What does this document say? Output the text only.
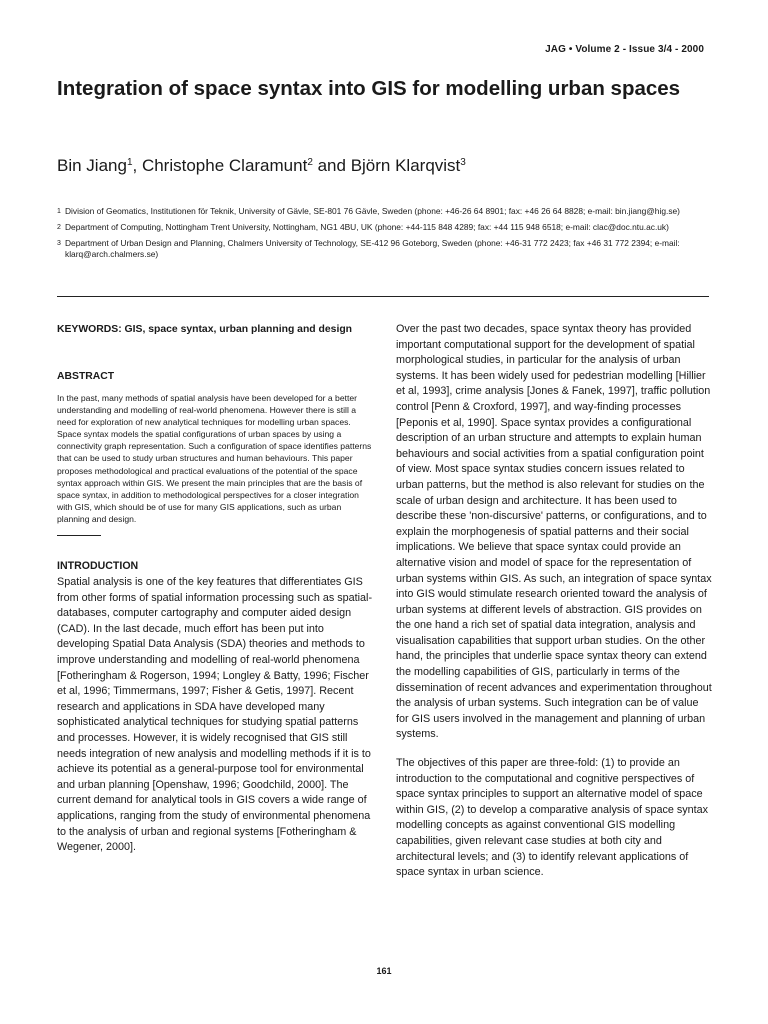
JAG • Volume 2 - Issue 3/4 - 2000
Integration of space syntax into GIS for modelling urban spaces
Bin Jiang$^1$, Christophe Claramunt$^2$ and Björn Klarqvist$^3$
1 Division of Geomatics, Institutionen för Teknik, University of Gävle, SE-801 76 Gävle, Sweden (phone: +46-26 64 8901; fax: +46 26 64 8828; e-mail: bin.jiang@hig.se)
2 Department of Computing, Nottingham Trent University, Nottingham, NG1 4BU, UK (phone: +44-115 848 4289; fax: +44 115 948 6518; e-mail: clac@doc.ntu.ac.uk)
3 Department of Urban Design and Planning, Chalmers University of Technology, SE-412 96 Goteborg, Sweden (phone: +46-31 772 2423; fax +46 31 772 2394; e-mail: klarq@arch.chalmers.se)

KEYWORDS: GIS, space syntax, urban planning and design

ABSTRACT

In the past, many methods of spatial analysis have been developed for a better understanding and modelling of real-world phenomena. However there is still a need for exploration of new analytical techniques for modelling urban spaces. Space syntax models the spatial configurations of urban spaces by using a connectivity graph representation. Such a configuration of space identifies patterns that can be used to study urban structures and human behaviours. This paper proposes methodological and practical evaluations of the potential of the space syntax approach within GIS. We present the main principles that are the basis of space syntax, in addition to methodological perspectives for a closer integration with GIS, which should be of use for many GIS applications, such as urban planning and design.

INTRODUCTION

Spatial analysis is one of the key features that differentiates GIS from other forms of spatial information processing such as spatial-databases, computer cartography and computer aided design (CAD). In the last decade, much effort has been put into developing Spatial Data Analysis (SDA) theories and methods to improve understanding and modelling of real-world phenomena [Fotheringham & Rogerson, 1994; Longley & Batty, 1996; Fischer et al, 1996; Timmermans, 1997; Fisher & Getis, 1997]. Recent research and applications in SDA have developed many sophisticated analytical techniques for studying spatial patterns and processes. However, it is widely recognised that GIS still needs integration of new analysis and modelling methods if it is to achieve its potential as a general-purpose tool for environmental and urban planning [Openshaw, 1996; Goodchild, 2000]. The current demand for analytical tools in GIS covers a wide range of applications, ranging from the study of environmental phenomena to the analysis of urban and regional systems [Fotheringham & Wegener, 2000].

Over the past two decades, space syntax theory has provided important computational support for the development of spatial morphological studies, in particular for the analysis of urban systems. It has been widely used for pedestrian modelling [Hillier et al, 1993], crime analysis [Jones & Fanek, 1997], traffic pollution control [Penn & Croxford, 1997], and way-finding processes [Peponis et al, 1990]. Space syntax provides a configurational description of an urban structure and attempts to explain human behaviours and social activities from a spatial configuration point of view. Most space syntax studies concern issues related to urban patterns, but the method is also relevant for studies on the scale of urban design and architecture. It has been used to describe these 'non-discursive' patterns, or configurations, and to explain the morphogenesis of spatial patterns and their social implications. We believe that space syntax could provide an alternative vision and model of space for the representation of urban systems within GIS. As such, an integration of space syntax into GIS would stimulate research oriented toward the analysis of urban systems at different levels of abstraction. GIS provides on the one hand a rich set of spatial data integration, analysis and visualisation capabilities that support urban studies. On the other hand, the principles that underlie space syntax theory can extend the modelling capabilities of GIS, particularly in terms of the dissemination of recent advances and experimentation throughout the analysis of urban systems. Such integration can be of value for GIS users involved in the management and planning of urban systems.

The objectives of this paper are three-fold: (1) to provide an introduction to the computational and cognitive perspectives of space syntax principles to support an alternative model of space within GIS, (2) to develop a comparative analysis of space syntax modelling concepts as against conventional GIS modelling capabilities, given relevant case studies at both city and architectural levels; and (3) to identify relevant applications of space syntax in urban science.

161
